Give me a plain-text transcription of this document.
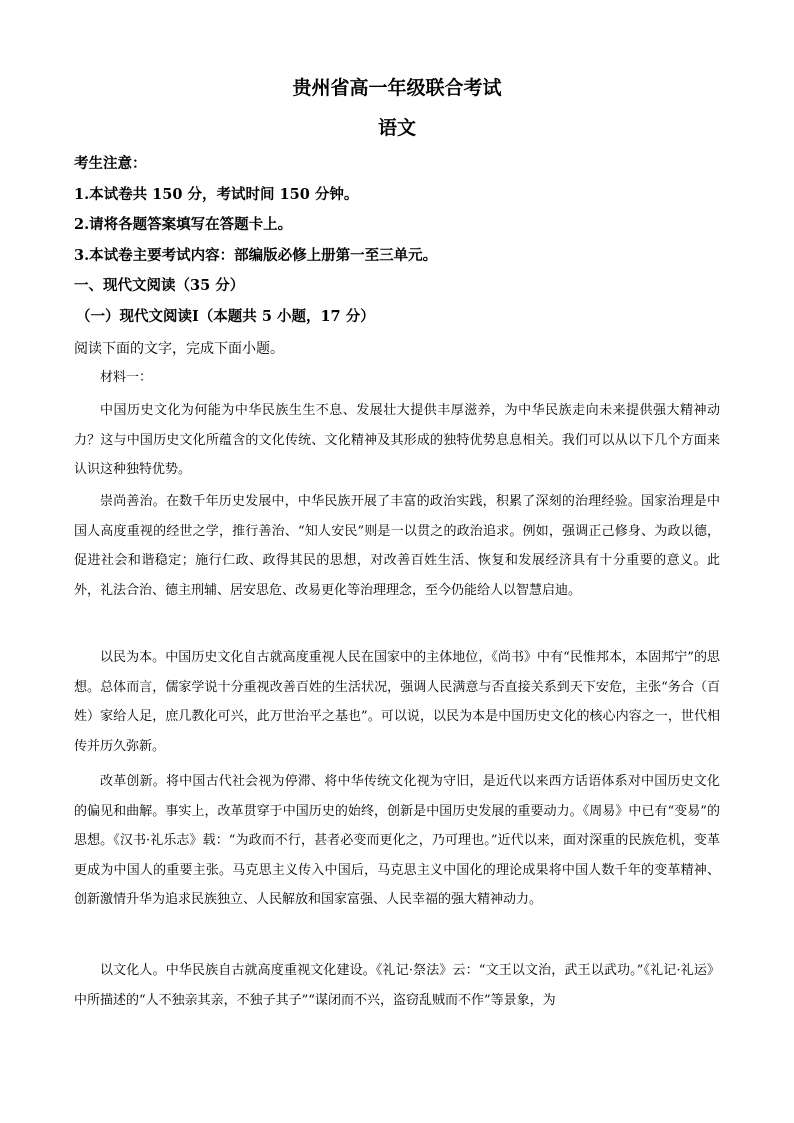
贵州省高一年级联合考试
语文

考生注意：

1.本试卷共 150 分，考试时间 150 分钟。

2.请将各题答案填写在答题卡上。

3.本试卷主要考试内容：部编版必修上册第一至三单元。

一、现代文阅读（35 分）

（一）现代文阅读Ⅰ（本题共 5 小题，17 分）

阅读下面的文字，完成下面小题。

材料一：

中国历史文化为何能为中华民族生生不息、发展壮大提供丰厚滋养，为中华民族走向未来提供强大精神动力？这与中国历史文化所蕴含的文化传统、文化精神及其形成的独特优势息息相关。我们可以从以下几个方面来认识这种独特优势。

崇尚善治。在数千年历史发展中，中华民族开展了丰富的政治实践，积累了深刻的治理经验。国家治理是中国人高度重视的经世之学，推行善治、“知人安民”则是一以贯之的政治追求。例如，强调正己修身、为政以德，促进社会和谐稳定；施行仁政、政得其民的思想，对改善百姓生活、恢复和发展经济具有十分重要的意义。此外，礼法合治、德主刑辅、居安思危、改易更化等治理理念，至今仍能给人以智慧启迪。

以民为本。中国历史文化自古就高度重视人民在国家中的主体地位，《尚书》中有“民惟邦本，本固邦宁”的思想。总体而言，儒家学说十分重视改善百姓的生活状况，强调人民满意与否直接关系到天下安危，主张“务合（百姓）家给人足，庶几教化可兴，此万世治平之基也”。可以说，以民为本是中国历史文化的核心内容之一，世代相传并历久弥新。

改革创新。将中国古代社会视为停滞、将中华传统文化视为守旧，是近代以来西方话语体系对中国历史文化的偏见和曲解。事实上，改革贯穿于中国历史的始终，创新是中国历史发展的重要动力。《周易》中已有“变易”的思想。《汉书·礼乐志》载：“为政而不行，甚者必变而更化之，乃可理也。”近代以来，面对深重的民族危机，变革更成为中国人的重要主张。马克思主义传入中国后，马克思主义中国化的理论成果将中国人数千年的变革精神、创新激情升华为追求民族独立、人民解放和国家富强、人民幸福的强大精神动力。

以文化人。中华民族自古就高度重视文化建设。《礼记·祭法》云：“文王以文治，武王以武功。”《礼记·礼运》中所描述的“人不独亲其亲，不独子其子”“谋闭而不兴，盗窃乱贼而不作”等景象，为
